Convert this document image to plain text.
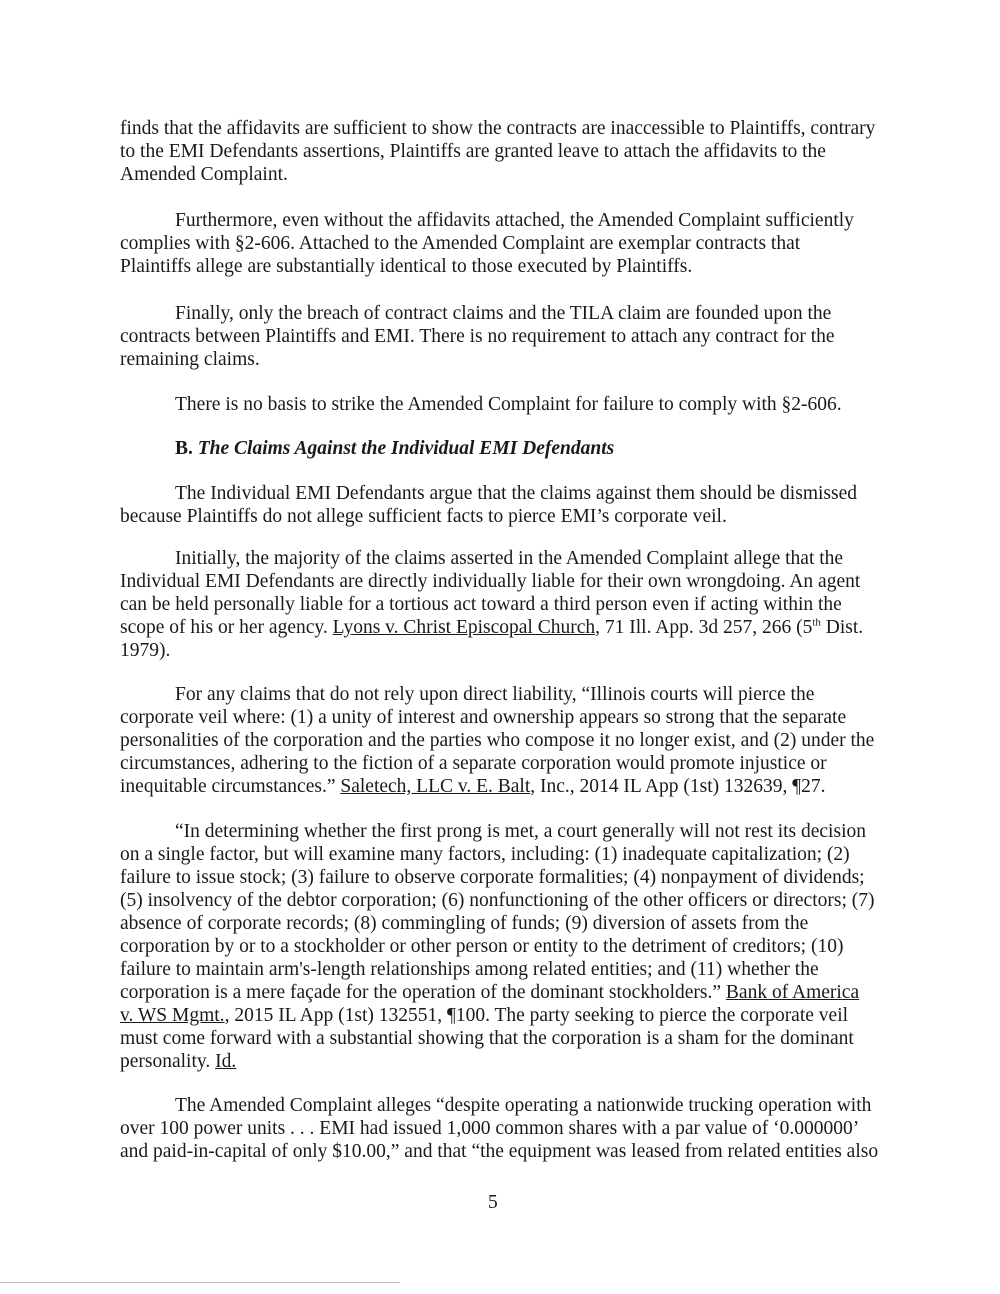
finds that the affidavits are sufficient to show the contracts are inaccessible to Plaintiffs, contrary
to the EMI Defendants assertions, Plaintiffs are granted leave to attach the affidavits to the
Amended Complaint.
Furthermore, even without the affidavits attached, the Amended Complaint sufficiently
complies with §2-606. Attached to the Amended Complaint are exemplar contracts that
Plaintiffs allege are substantially identical to those executed by Plaintiffs.
Finally, only the breach of contract claims and the TILA claim are founded upon the
contracts between Plaintiffs and EMI. There is no requirement to attach any contract for the
remaining claims.
There is no basis to strike the Amended Complaint for failure to comply with §2-606.
B. The Claims Against the Individual EMI Defendants
The Individual EMI Defendants argue that the claims against them should be dismissed
because Plaintiffs do not allege sufficient facts to pierce EMI’s corporate veil.
Initially, the majority of the claims asserted in the Amended Complaint allege that the
Individual EMI Defendants are directly individually liable for their own wrongdoing. An agent
can be held personally liable for a tortious act toward a third person even if acting within the
scope of his or her agency. Lyons v. Christ Episcopal Church, 71 Ill. App. 3d 257, 266 (5th Dist.
1979).
For any claims that do not rely upon direct liability, “Illinois courts will pierce the
corporate veil where: (1) a unity of interest and ownership appears so strong that the separate
personalities of the corporation and the parties who compose it no longer exist, and (2) under the
circumstances, adhering to the fiction of a separate corporation would promote injustice or
inequitable circumstances.” Saletech, LLC v. E. Balt, Inc., 2014 IL App (1st) 132639, ¶27.
“In determining whether the first prong is met, a court generally will not rest its decision
on a single factor, but will examine many factors, including: (1) inadequate capitalization; (2)
failure to issue stock; (3) failure to observe corporate formalities; (4) nonpayment of dividends;
(5) insolvency of the debtor corporation; (6) nonfunctioning of the other officers or directors; (7)
absence of corporate records; (8) commingling of funds; (9) diversion of assets from the
corporation by or to a stockholder or other person or entity to the detriment of creditors; (10)
failure to maintain arm's-length relationships among related entities; and (11) whether the
corporation is a mere façade for the operation of the dominant stockholders.” Bank of America
v. WS Mgmt., 2015 IL App (1st) 132551, ¶100. The party seeking to pierce the corporate veil
must come forward with a substantial showing that the corporation is a sham for the dominant
personality. Id.
The Amended Complaint alleges “despite operating a nationwide trucking operation with
over 100 power units . . . EMI had issued 1,000 common shares with a par value of ‘0.000000’
and paid-in-capital of only $10.00,” and that “the equipment was leased from related entities also
5
